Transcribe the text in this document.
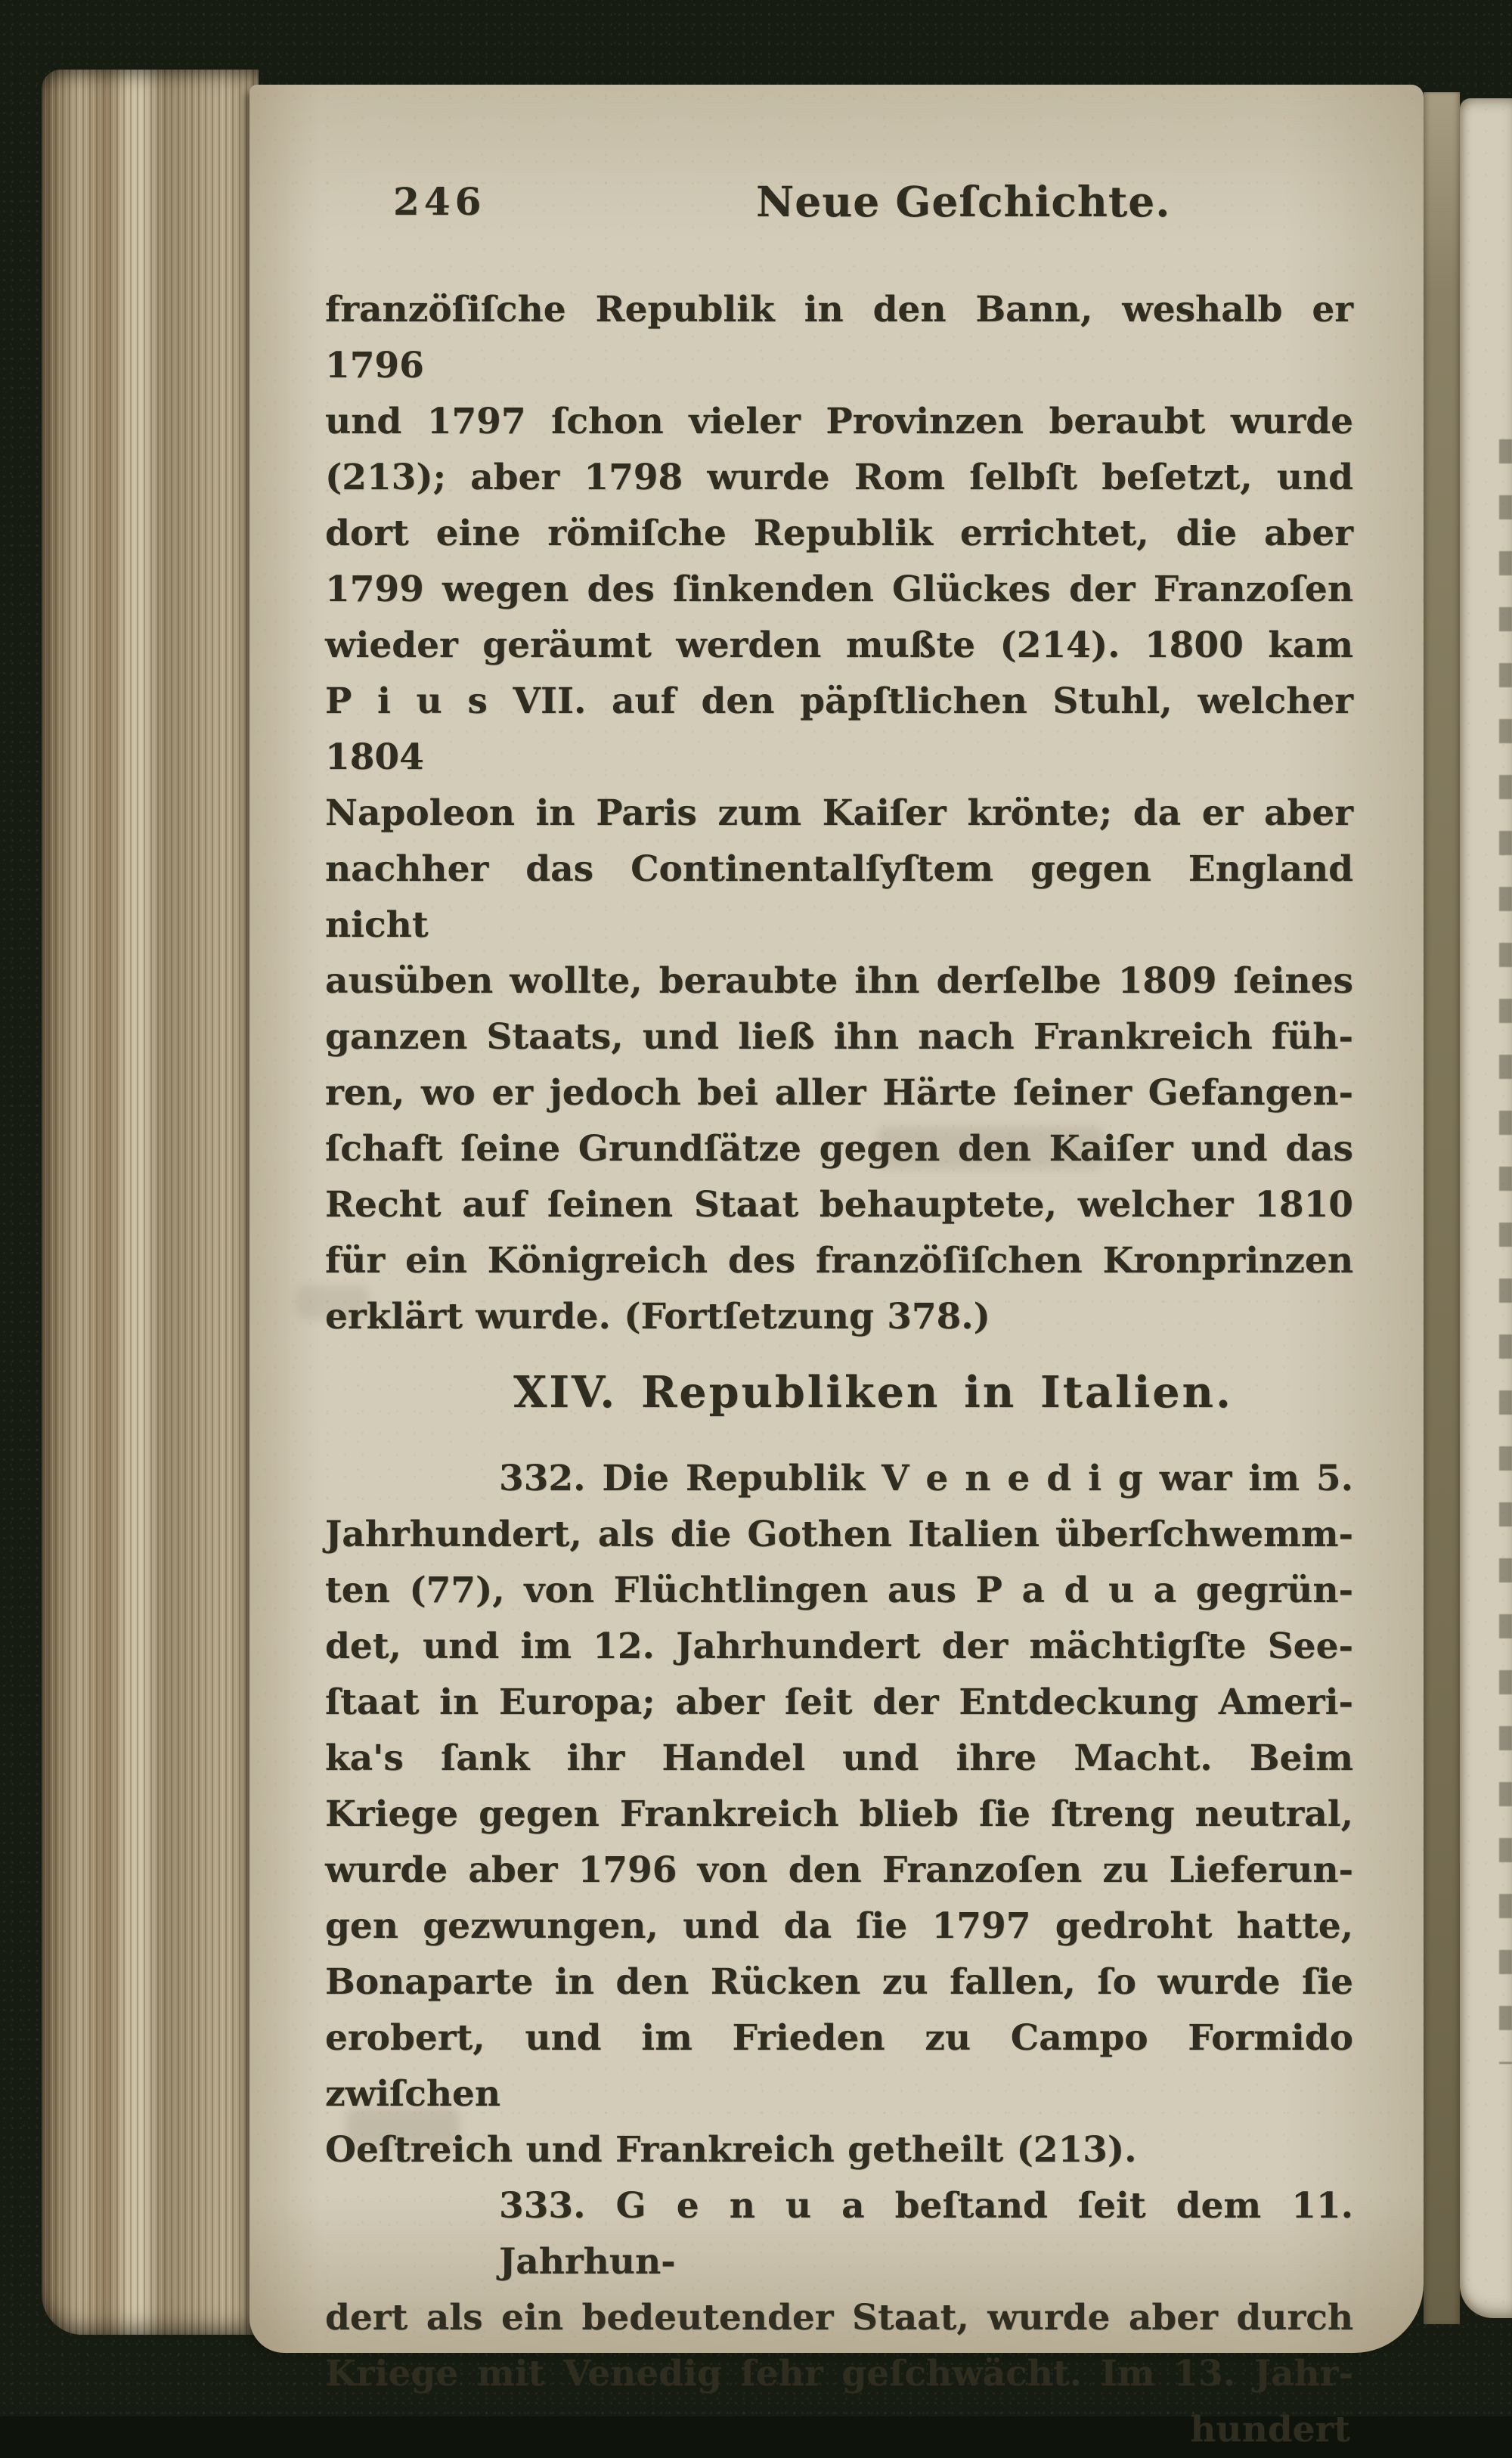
246	Neue Geſchichte.
franzöſiſche Republik in den Bann, weshalb er 1796
und 1797 ſchon vieler Provinzen beraubt wurde
(213); aber 1798 wurde Rom ſelbſt beſetzt, und
dort eine römiſche Republik errichtet, die aber
1799 wegen des ſinkenden Glückes der Franzoſen
wieder geräumt werden mußte (214). 1800 kam
P i u s VII. auf den päpſtlichen Stuhl, welcher 1804
Napoleon in Paris zum Kaiſer krönte; da er aber
nachher das Continentalſyſtem gegen England nicht
ausüben wollte, beraubte ihn derſelbe 1809 ſeines
ganzen Staats, und ließ ihn nach Frankreich füh-
ren, wo er jedoch bei aller Härte ſeiner Gefangen-
ſchaft ſeine Grundſätze gegen den Kaiſer und das
Recht auf ſeinen Staat behauptete, welcher 1810
für ein Königreich des franzöſiſchen Kronprinzen
erklärt wurde. (Fortſetzung 378.)
XIV. Republiken in Italien.
332. Die Republik V e n e d i g war im 5.
Jahrhundert, als die Gothen Italien überſchwemm-
ten (77), von Flüchtlingen aus P a d u a gegrün-
det, und im 12. Jahrhundert der mächtigſte See-
ſtaat in Europa; aber ſeit der Entdeckung Ameri-
ka's ſank ihr Handel und ihre Macht. Beim
Kriege gegen Frankreich blieb ſie ſtreng neutral,
wurde aber 1796 von den Franzoſen zu Lieferun-
gen gezwungen, und da ſie 1797 gedroht hatte,
Bonaparte in den Rücken zu fallen, ſo wurde ſie
erobert, und im Frieden zu Campo Formido zwiſchen
Oeſtreich und Frankreich getheilt (213).
333. G e n u a beſtand ſeit dem 11. Jahrhun-
dert als ein bedeutender Staat, wurde aber durch
Kriege mit Venedig ſehr geſchwächt. Im 13. Jahr-
hundert
